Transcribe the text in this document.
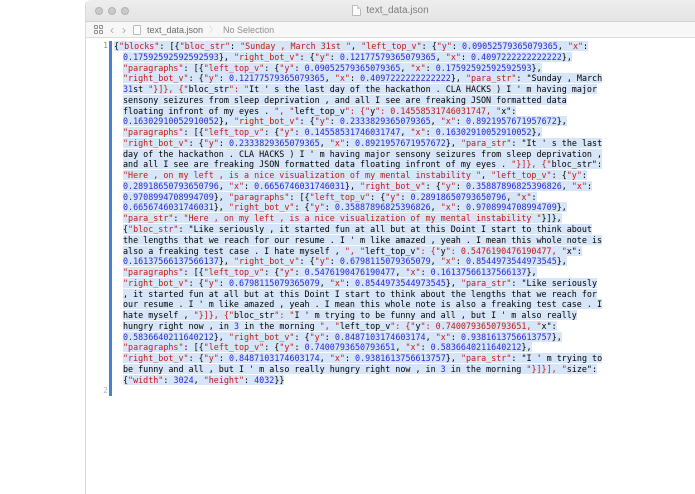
text_data.json
‹ › text_data.json 〉 No Selection
1
2
{"blocks": [{"bloc_str": "Sunday , March 31st ", "left_top_v": {"y": 0.09052579365079365, "x":
0.17592592592592593}, "right_bot_v": {"y": 0.12177579365079365, "x": 0.4097222222222222},
"paragraphs": [{"left_top_v": {"y": 0.09052579365079365, "x": 0.17592592592592593},
"right_bot_v": {"y": 0.12177579365079365, "x": 0.4097222222222222}, "para_str": "Sunday , March
31st "}]}, {"bloc_str": "It ' s the last day of the hackathon . CLA HACKS ) I ' m having major
sensony seizures from sleep deprivation , and all I see are freaking JSON formatted data
floating infront of my eyes . ", "left_top_v": {"y": 0.14558531746031747, "x":
0.16302910052910052}, "right_bot_v": {"y": 0.2333829365079365, "x": 0.8921957671957672},
"paragraphs": [{"left_top_v": {"y": 0.14558531746031747, "x": 0.16302910052910052},
"right_bot_v": {"y": 0.2333829365079365, "x": 0.8921957671957672}, "para_str": "It ' s the last
day of the hackathon . CLA HACKS ) I ' m having major sensony seizures from sleep deprivation ,
and all I see are freaking JSON formatted data floating infront of my eyes . "}]}, {"bloc_str":
"Here , on my left , is a nice visualization of my mental instability ", "left_top_v": {"y":
0.28918650793650796, "x": 0.6656746031746031}, "right_bot_v": {"y": 0.35887896825396826, "x":
0.9708994708994709}, "paragraphs": [{"left_top_v": {"y": 0.28918650793650796, "x":
0.6656746031746031}, "right_bot_v": {"y": 0.35887896825396826, "x": 0.9708994708994709},
"para_str": "Here , on my left , is a nice visualization of my mental instability "}]},
{"bloc_str": "Like seriously , it started fun at all but at this Doint I start to think about
the lengths that we reach for our resume . I ' m like amazed , yeah . I mean this whole note is
also a freaking test case . I hate myself , ", "left_top_v": {"y": 0.5476190476190477, "x":
0.16137566137566137}, "right_bot_v": {"y": 0.6798115079365079, "x": 0.8544973544973545},
"paragraphs": [{"left_top_v": {"y": 0.5476190476190477, "x": 0.16137566137566137},
"right_bot_v": {"y": 0.6798115079365079, "x": 0.8544973544973545}, "para_str": "Like seriously
, it started fun at all but at this Doint I start to think about the lengths that we reach for
our resume . I ' m like amazed , yeah . I mean this whole note is also a freaking test case . I
hate myself , "}]}, {"bloc_str": "I ' m trying to be funny and all , but I ' m also really
hungry right now , in 3 in the morning ", "left_top_v": {"y": 0.7400793650793651, "x":
0.5836640211640212}, "right_bot_v": {"y": 0.8487103174603174, "x": 0.9381613756613757},
"paragraphs": [{"left_top_v": {"y": 0.7400793650793651, "x": 0.5836640211640212},
"right_bot_v": {"y": 0.8487103174603174, "x": 0.9381613756613757}, "para_str": "I ' m trying to
be funny and all , but I ' m also really hungry right now , in 3 in the morning "}]}], "size":
{"width": 3024, "height": 4032}}
